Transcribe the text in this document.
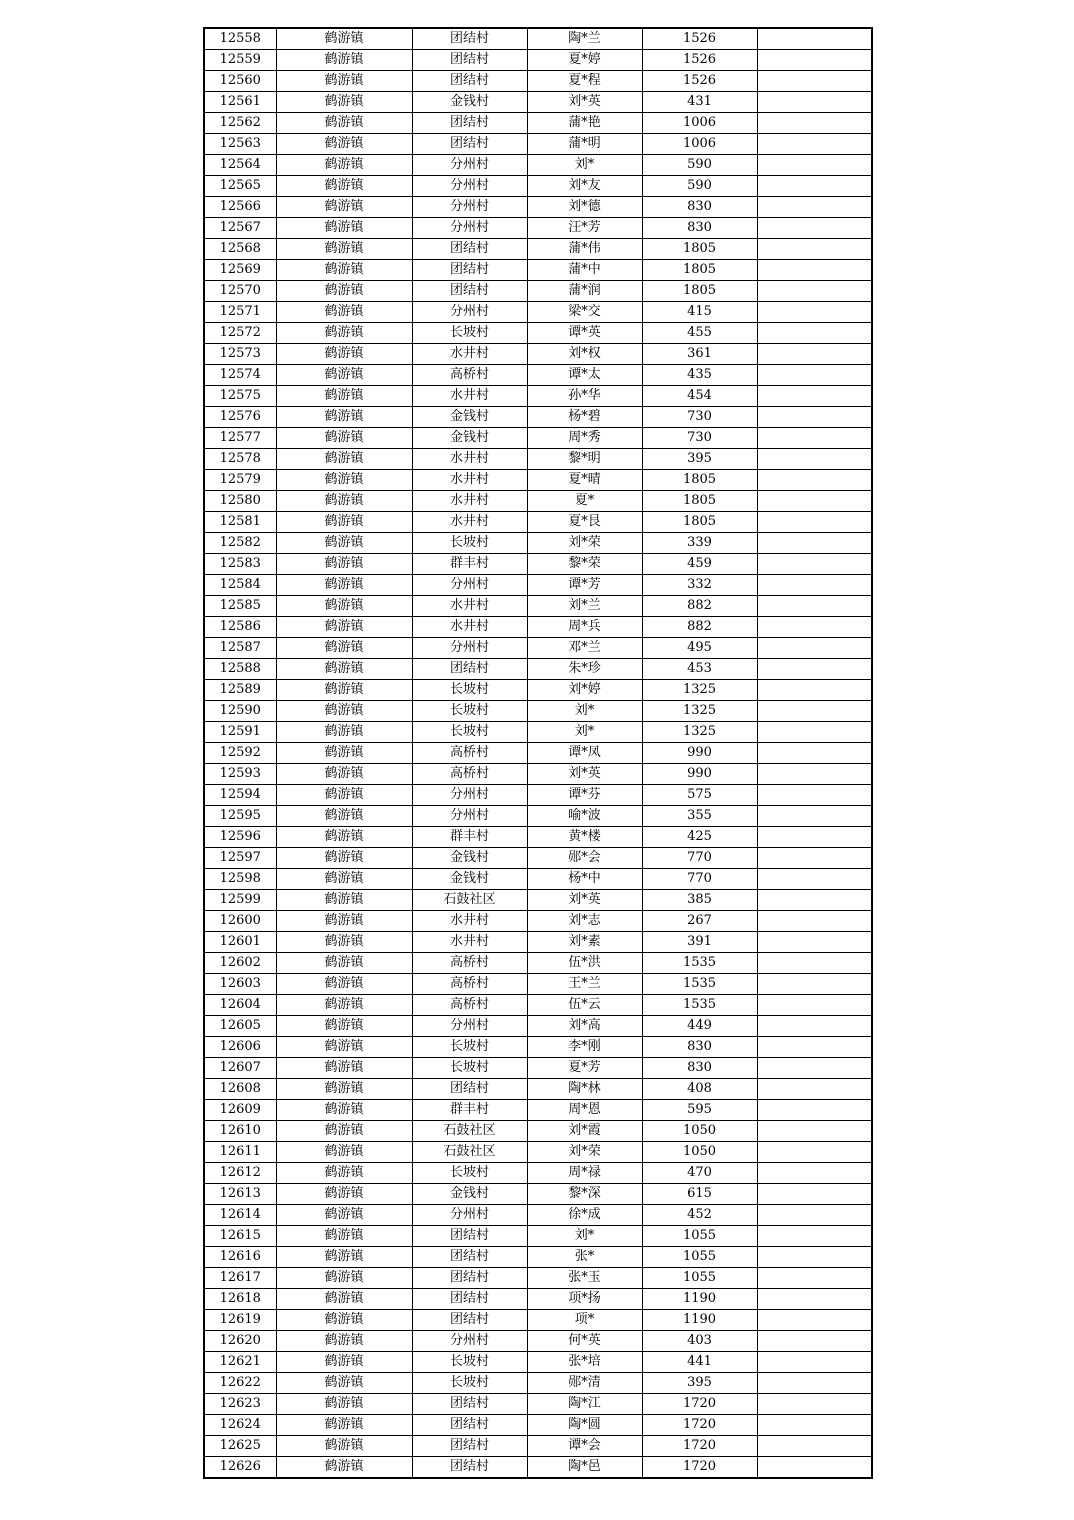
12558	鹤游镇	团结村	陶*兰	1526	
12559	鹤游镇	团结村	夏*婷	1526	
12560	鹤游镇	团结村	夏*程	1526	
12561	鹤游镇	金钱村	刘*英	431	
12562	鹤游镇	团结村	蒲*艳	1006	
12563	鹤游镇	团结村	蒲*明	1006	
12564	鹤游镇	分州村	刘*	590	
12565	鹤游镇	分州村	刘*友	590	
12566	鹤游镇	分州村	刘*德	830	
12567	鹤游镇	分州村	汪*芳	830	
12568	鹤游镇	团结村	蒲*伟	1805	
12569	鹤游镇	团结村	蒲*中	1805	
12570	鹤游镇	团结村	蒲*润	1805	
12571	鹤游镇	分州村	梁*交	415	
12572	鹤游镇	长坡村	谭*英	455	
12573	鹤游镇	水井村	刘*权	361	
12574	鹤游镇	高桥村	谭*太	435	
12575	鹤游镇	水井村	孙*华	454	
12576	鹤游镇	金钱村	杨*碧	730	
12577	鹤游镇	金钱村	周*秀	730	
12578	鹤游镇	水井村	黎*明	395	
12579	鹤游镇	水井村	夏*晴	1805	
12580	鹤游镇	水井村	夏*	1805	
12581	鹤游镇	水井村	夏*艮	1805	
12582	鹤游镇	长坡村	刘*荣	339	
12583	鹤游镇	群丰村	黎*荣	459	
12584	鹤游镇	分州村	谭*芳	332	
12585	鹤游镇	水井村	刘*兰	882	
12586	鹤游镇	水井村	周*兵	882	
12587	鹤游镇	分州村	邓*兰	495	
12588	鹤游镇	团结村	朱*珍	453	
12589	鹤游镇	长坡村	刘*婷	1325	
12590	鹤游镇	长坡村	刘*	1325	
12591	鹤游镇	长坡村	刘*	1325	
12592	鹤游镇	高桥村	谭*凤	990	
12593	鹤游镇	高桥村	刘*英	990	
12594	鹤游镇	分州村	谭*芬	575	
12595	鹤游镇	分州村	喻*波	355	
12596	鹤游镇	群丰村	黄*楼	425	
12597	鹤游镇	金钱村	郧*会	770	
12598	鹤游镇	金钱村	杨*中	770	
12599	鹤游镇	石鼓社区	刘*英	385	
12600	鹤游镇	水井村	刘*志	267	
12601	鹤游镇	水井村	刘*素	391	
12602	鹤游镇	高桥村	伍*洪	1535	
12603	鹤游镇	高桥村	王*兰	1535	
12604	鹤游镇	高桥村	伍*云	1535	
12605	鹤游镇	分州村	刘*高	449	
12606	鹤游镇	长坡村	李*刚	830	
12607	鹤游镇	长坡村	夏*芳	830	
12608	鹤游镇	团结村	陶*林	408	
12609	鹤游镇	群丰村	周*恩	595	
12610	鹤游镇	石鼓社区	刘*霞	1050	
12611	鹤游镇	石鼓社区	刘*荣	1050	
12612	鹤游镇	长坡村	周*禄	470	
12613	鹤游镇	金钱村	黎*深	615	
12614	鹤游镇	分州村	徐*成	452	
12615	鹤游镇	团结村	刘*	1055	
12616	鹤游镇	团结村	张*	1055	
12617	鹤游镇	团结村	张*玉	1055	
12618	鹤游镇	团结村	项*扬	1190	
12619	鹤游镇	团结村	项*	1190	
12620	鹤游镇	分州村	何*英	403	
12621	鹤游镇	长坡村	张*培	441	
12622	鹤游镇	长坡村	郧*清	395	
12623	鹤游镇	团结村	陶*江	1720	
12624	鹤游镇	团结村	陶*圆	1720	
12625	鹤游镇	团结村	谭*会	1720	
12626	鹤游镇	团结村	陶*邑	1720	
